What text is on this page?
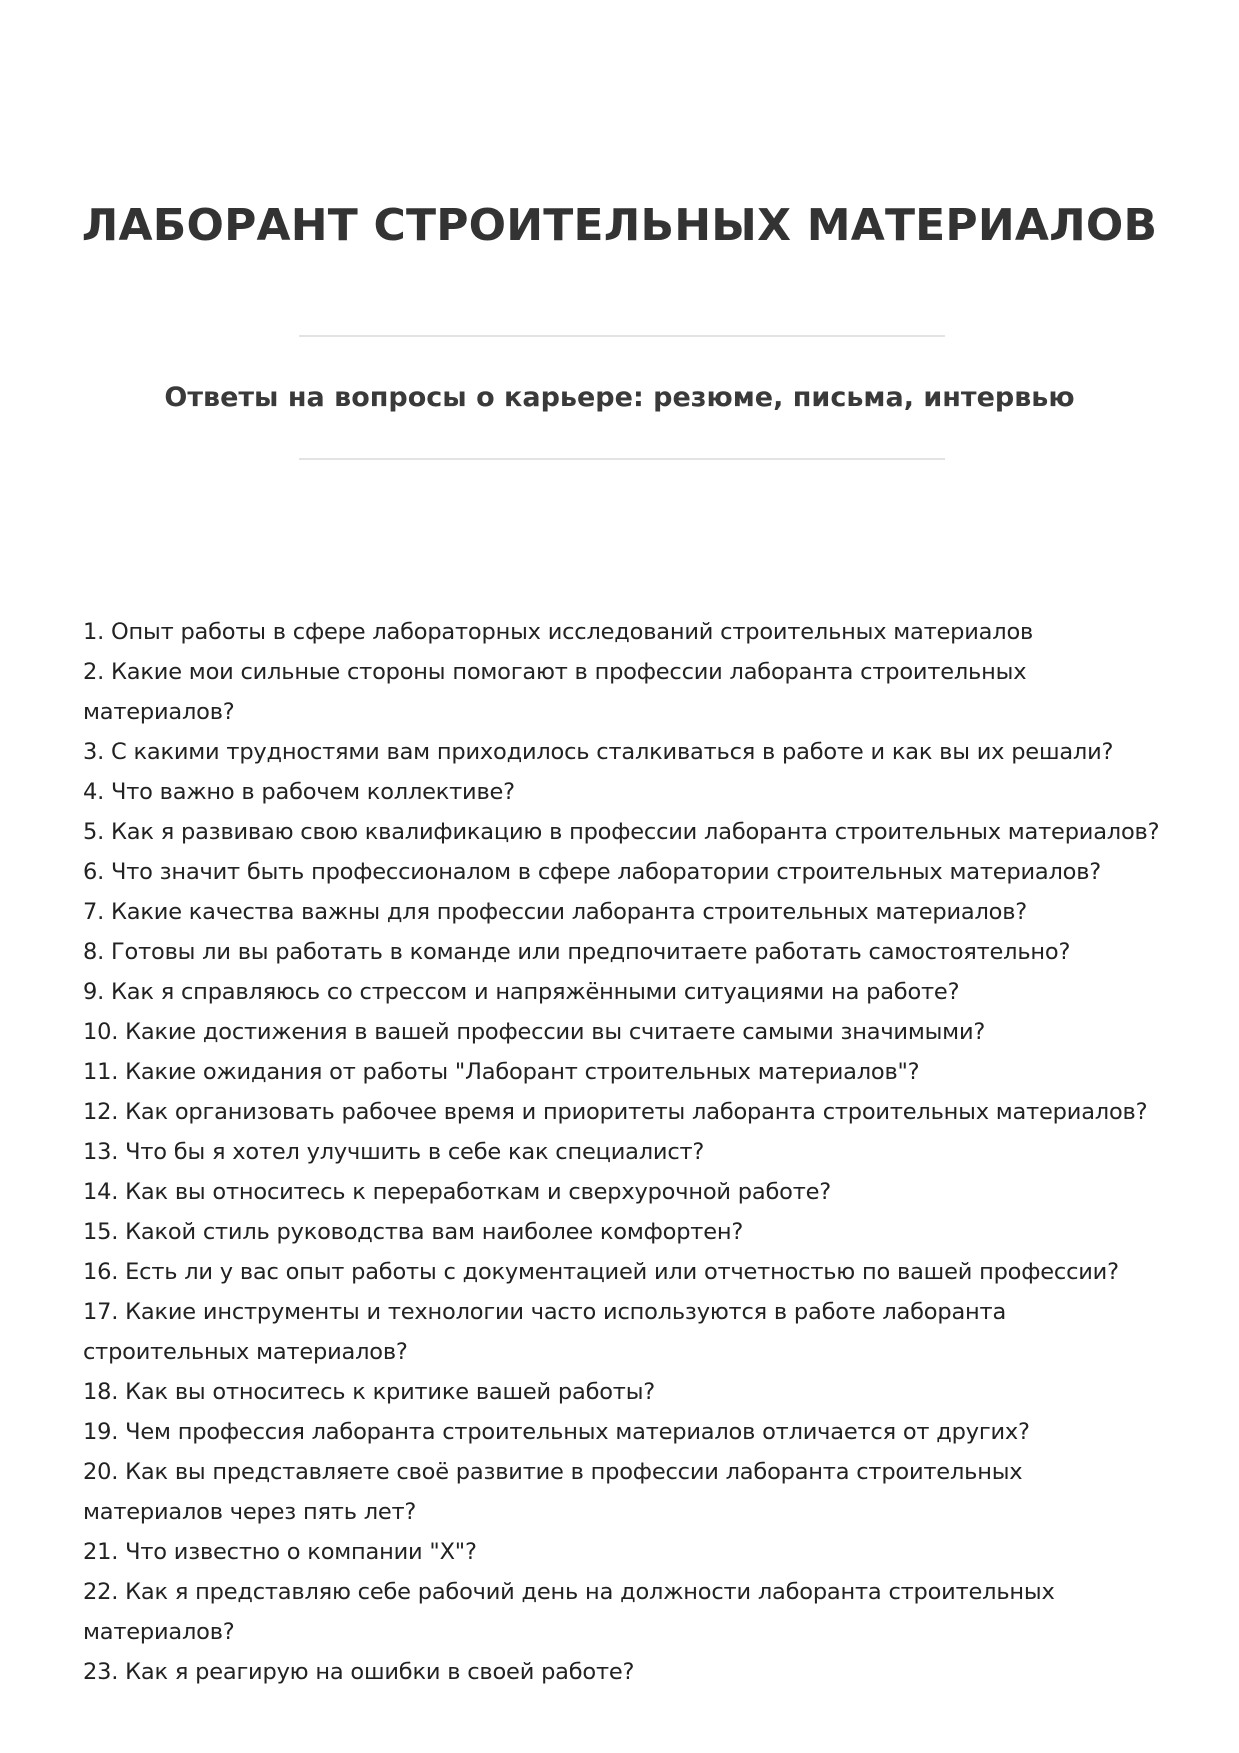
ЛАБОРАНТ СТРОИТЕЛЬНЫХ МАТЕРИАЛОВ

Ответы на вопросы о карьере: резюме, письма, интервью

1. Опыт работы в сфере лабораторных исследований строительных материалов
2. Какие мои сильные стороны помогают в профессии лаборанта строительных материалов?
3. С какими трудностями вам приходилось сталкиваться в работе и как вы их решали?
4. Что важно в рабочем коллективе?
5. Как я развиваю свою квалификацию в профессии лаборанта строительных материалов?
6. Что значит быть профессионалом в сфере лаборатории строительных материалов?
7. Какие качества важны для профессии лаборанта строительных материалов?
8. Готовы ли вы работать в команде или предпочитаете работать самостоятельно?
9. Как я справляюсь со стрессом и напряжёнными ситуациями на работе?
10. Какие достижения в вашей профессии вы считаете самыми значимыми?
11. Какие ожидания от работы "Лаборант строительных материалов"?
12. Как организовать рабочее время и приоритеты лаборанта строительных материалов?
13. Что бы я хотел улучшить в себе как специалист?
14. Как вы относитесь к переработкам и сверхурочной работе?
15. Какой стиль руководства вам наиболее комфортен?
16. Есть ли у вас опыт работы с документацией или отчетностью по вашей профессии?
17. Какие инструменты и технологии часто используются в работе лаборанта строительных материалов?
18. Как вы относитесь к критике вашей работы?
19. Чем профессия лаборанта строительных материалов отличается от других?
20. Как вы представляете своё развитие в профессии лаборанта строительных материалов через пять лет?
21. Что известно о компании "X"?
22. Как я представляю себе рабочий день на должности лаборанта строительных материалов?
23. Как я реагирую на ошибки в своей работе?
